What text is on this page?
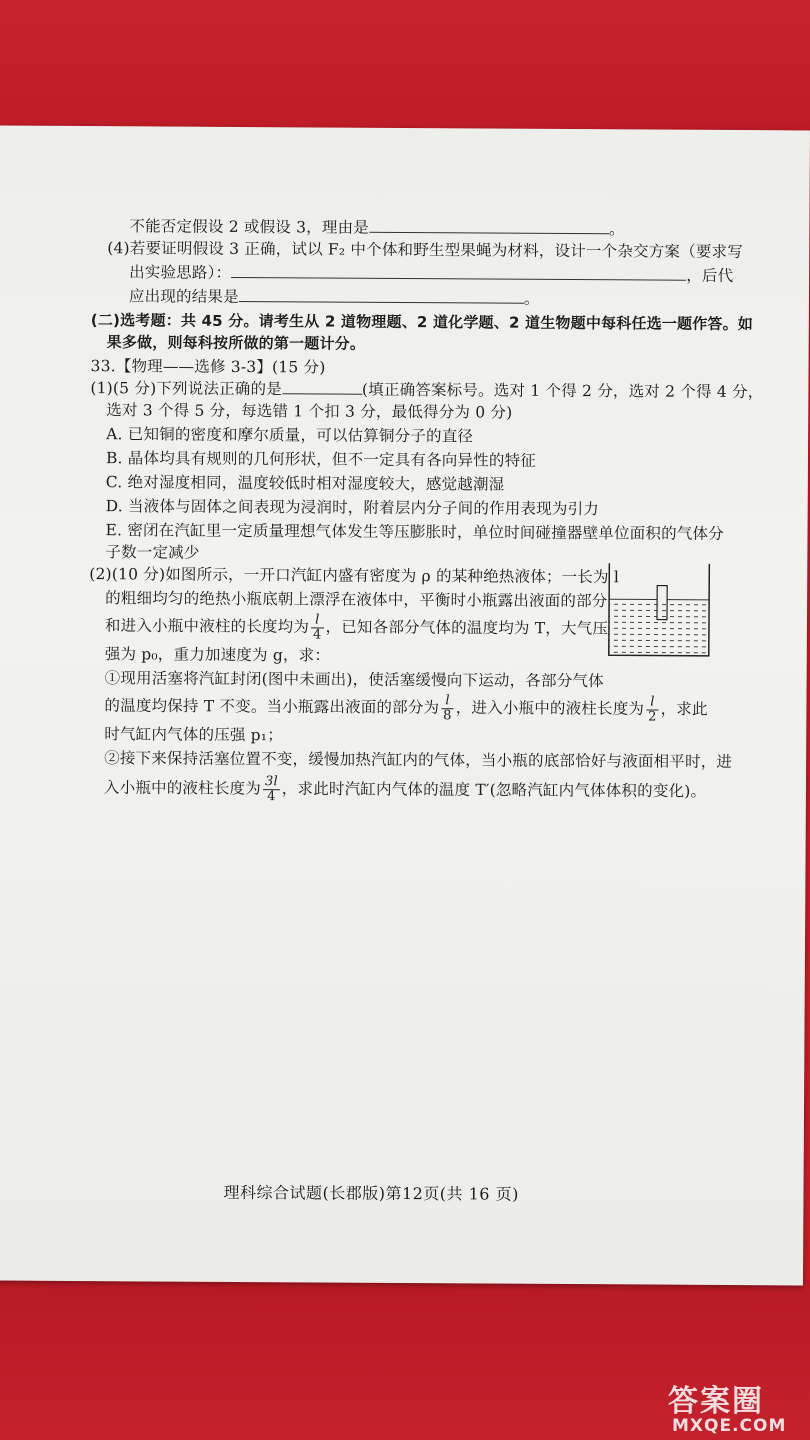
不能否定假设 2 或假设 3，理由是	。
(4)若要证明假设 3 正确，试以 F₂ 中个体和野生型果蝇为材料，设计一个杂交方案（要求写
出实验思路）：	，后代
应出现的结果是	。
(二)选考题：共 45 分。请考生从 2 道物理题、2 道化学题、2 道生物题中每科任选一题作答。如
果多做，则每科按所做的第一题计分。
33.【物理——选修 3-3】(15 分)
(1)(5 分)下列说法正确的是	(填正确答案标号。选对 1 个得 2 分，选对 2 个得 4 分，
选对 3 个得 5 分，每选错 1 个扣 3 分，最低得分为 0 分)
A. 已知铜的密度和摩尔质量，可以估算铜分子的直径
B. 晶体均具有规则的几何形状，但不一定具有各向异性的特征
C. 绝对湿度相同，温度较低时相对湿度较大，感觉越潮湿
D. 当液体与固体之间表现为浸润时，附着层内分子间的作用表现为引力
E. 密闭在汽缸里一定质量理想气体发生等压膨胀时，单位时间碰撞器壁单位面积的气体分
子数一定减少
(2)(10 分)如图所示，一开口汽缸内盛有密度为 ρ 的某种绝热液体；一长为 l
的粗细均匀的绝热小瓶底朝上漂浮在液体中，平衡时小瓶露出液面的部分
和进入小瓶中液柱的长度均为 $\frac{l}{4}$ ，已知各部分气体的温度均为 T，大气压
强为 p₀，重力加速度为 g，求：
①现用活塞将汽缸封闭(图中未画出)，使活塞缓慢向下运动，各部分气体
的温度均保持 T 不变。当小瓶露出液面的部分为 $\frac{l}{8}$ ，进入小瓶中的液柱长度为 $\frac{l}{2}$ ，求此
时气缸内气体的压强 p₁；
②接下来保持活塞位置不变，缓慢加热汽缸内的气体，当小瓶的底部恰好与液面相平时，进
入小瓶中的液柱长度为 $\frac{3l}{4}$ ，求此时汽缸内气体的温度 T′(忽略汽缸内气体体积的变化)。
理科综合试题(长郡版)第12页(共 16 页)
答案圈
MXQE.COM
